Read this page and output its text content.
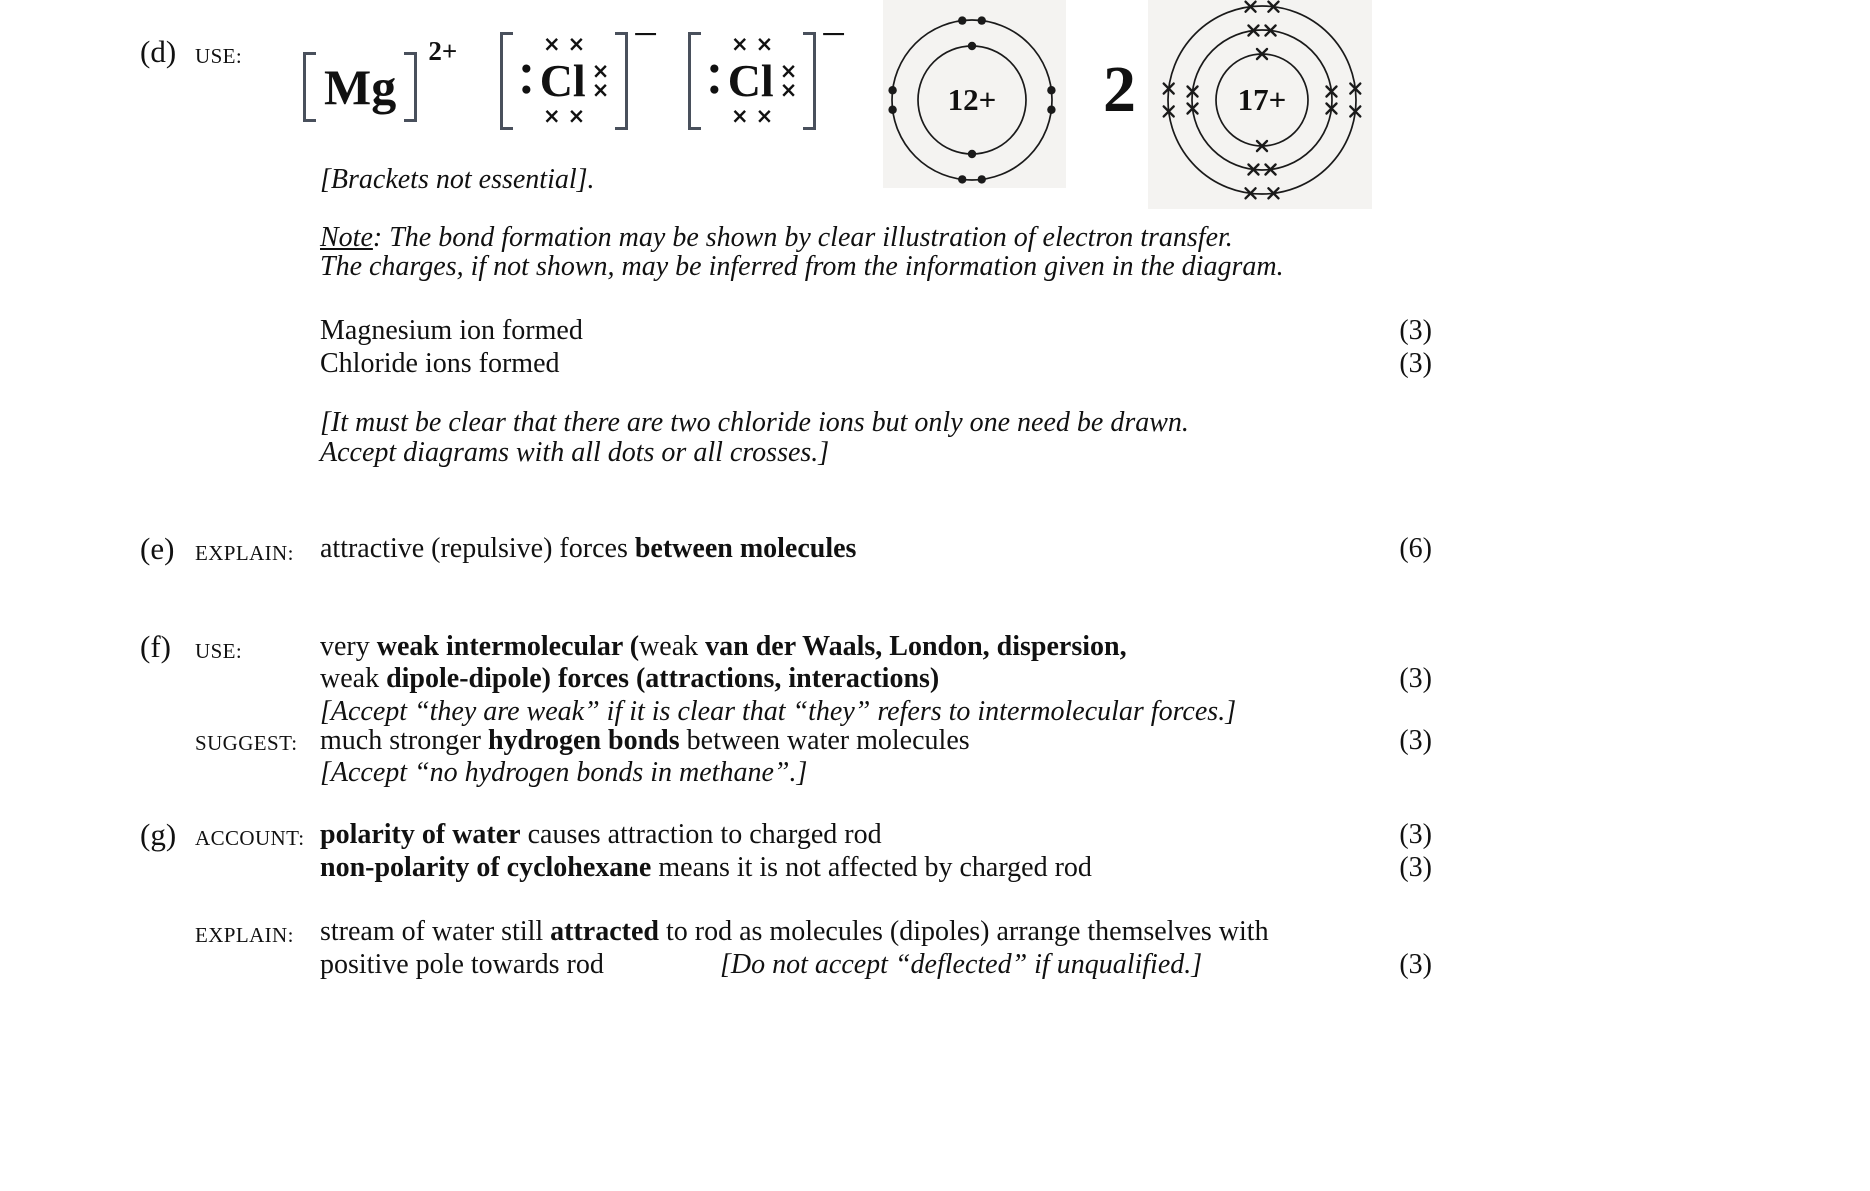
(d) USE:
Mg
2+	××
•
• Cl ×
×
××
−	××
•
• Cl ×
×
××
−
12+ 2	17+
[Brackets not essential].
Note: The bond formation may be shown by clear illustration of electron transfer.
The charges, if not shown, may be inferred from the information given in the diagram.
Magnesium ion formed	(3)
Chloride ions formed	(3)
[It must be clear that there are two chloride ions but only one need be drawn.
Accept diagrams with all dots or all crosses.]
(e) EXPLAIN: attractive (repulsive) forces between molecules	(6)
(f) USE:	very weak intermolecular (weak van der Waals, London, dispersion,
weak dipole-dipole) forces (attractions, interactions)	(3)
[Accept “they are weak” if it is clear that “they” refers to intermolecular forces.]
SUGGEST: much stronger hydrogen bonds between water molecules	(3)
[Accept “no hydrogen bonds in methane”.]
(g) ACCOUNT: polarity of water causes attraction to charged rod	(3)
non-polarity of cyclohexane means it is not affected by charged rod	(3)
EXPLAIN: stream of water still attracted to rod as molecules (dipoles) arrange themselves with
positive pole towards rod	[Do not accept “deflected” if unqualified.]	(3)
